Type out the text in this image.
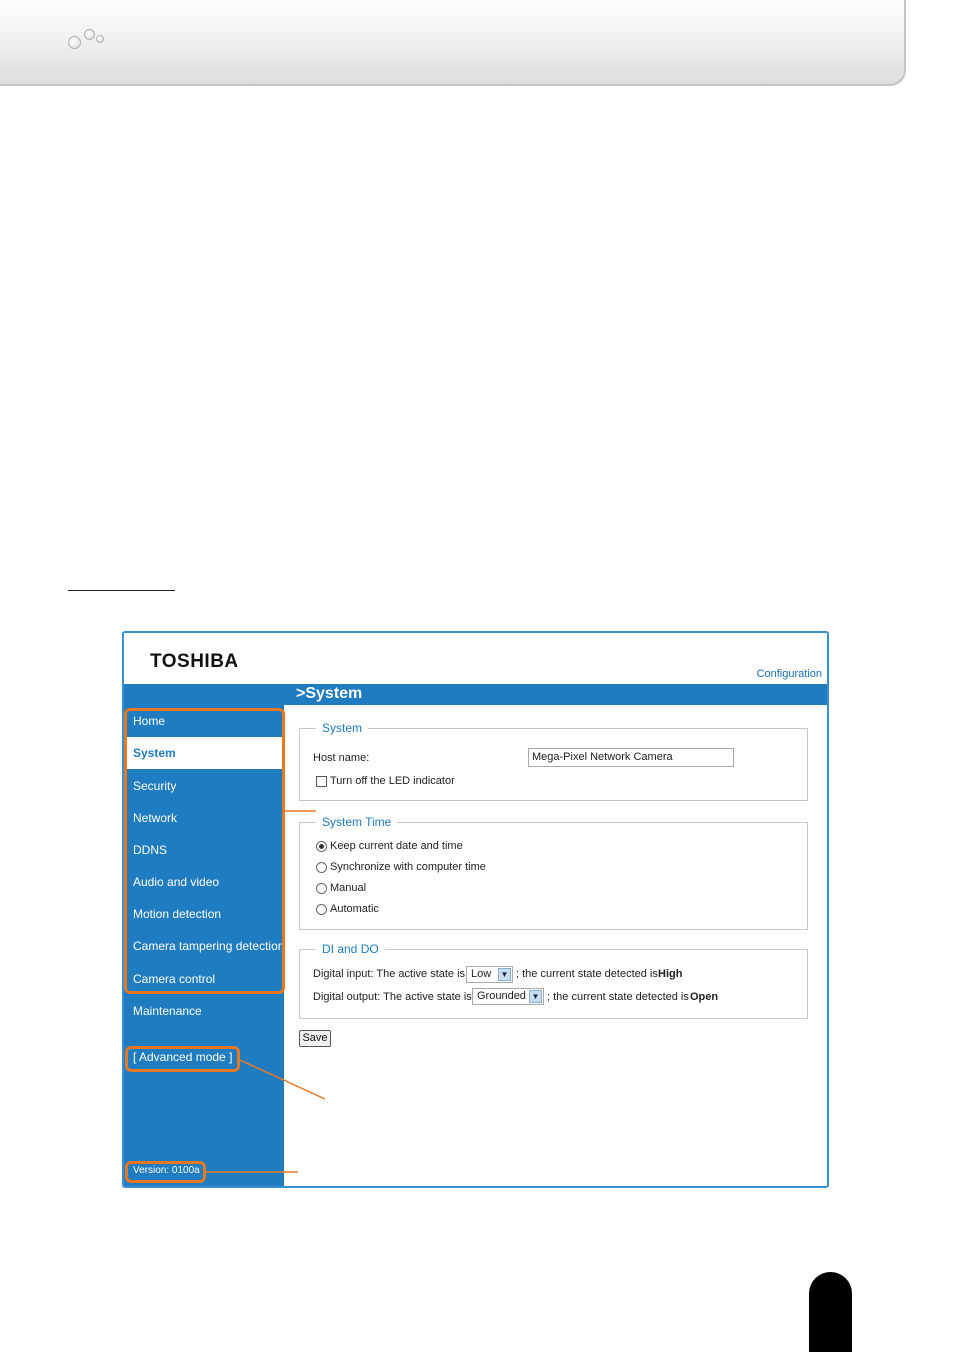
TOSHIBA
Configuration
>System
Home
System
Security
Network
DDNS
Audio and video
Motion detection
Camera tampering detection
Camera control
Maintenance
[ Advanced mode ]
Version: 0100a
System
Host name:	Mega-Pixel Network Camera
Turn off the LED indicator
System Time
Keep current date and time
Synchronize with computer time
Manual
Automatic
DI and DO
Digital input: The active state is Low	▼ ; the current state detected is High
Digital output: The active state is Grounded ▼ ; the current state detected is Open
Save
